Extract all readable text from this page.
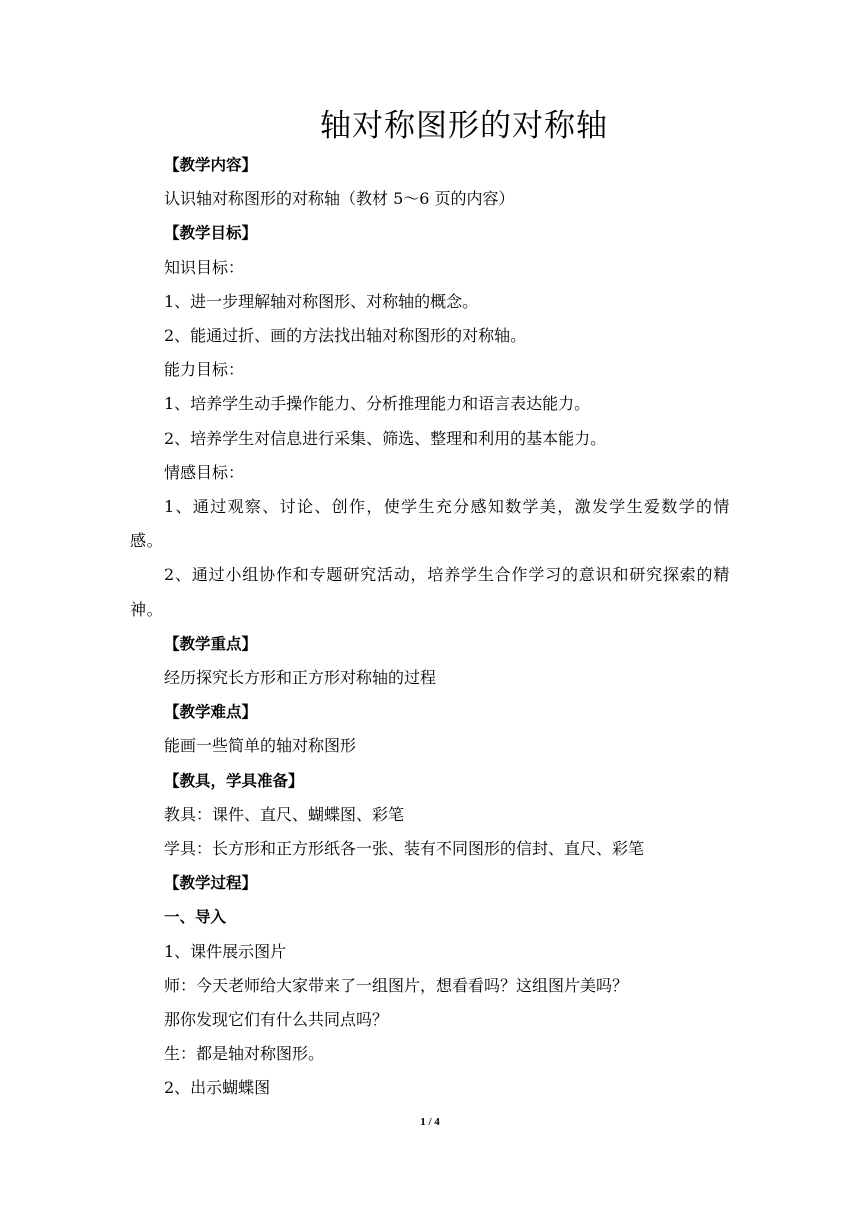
轴对称图形的对称轴

【教学内容】

认识轴对称图形的对称轴（教材 5～6 页的内容）

【教学目标】

知识目标：

1、进一步理解轴对称图形、对称轴的概念。

2、能通过折、画的方法找出轴对称图形的对称轴。

能力目标：

1、培养学生动手操作能力、分析推理能力和语言表达能力。

2、培养学生对信息进行采集、筛选、整理和利用的基本能力。

情感目标：

1、通过观察、讨论、创作，使学生充分感知数学美，激发学生爱数学的情感。

2、通过小组协作和专题研究活动，培养学生合作学习的意识和研究探索的精神。

【教学重点】

经历探究长方形和正方形对称轴的过程

【教学难点】

能画一些简单的轴对称图形

【教具，学具准备】

教具：课件、直尺、蝴蝶图、彩笔

学具：长方形和正方形纸各一张、装有不同图形的信封、直尺、彩笔

【教学过程】

一、导入

1、课件展示图片

师：今天老师给大家带来了一组图片，想看看吗？这组图片美吗？

那你发现它们有什么共同点吗？

生：都是轴对称图形。

2、出示蝴蝶图

1 / 4
